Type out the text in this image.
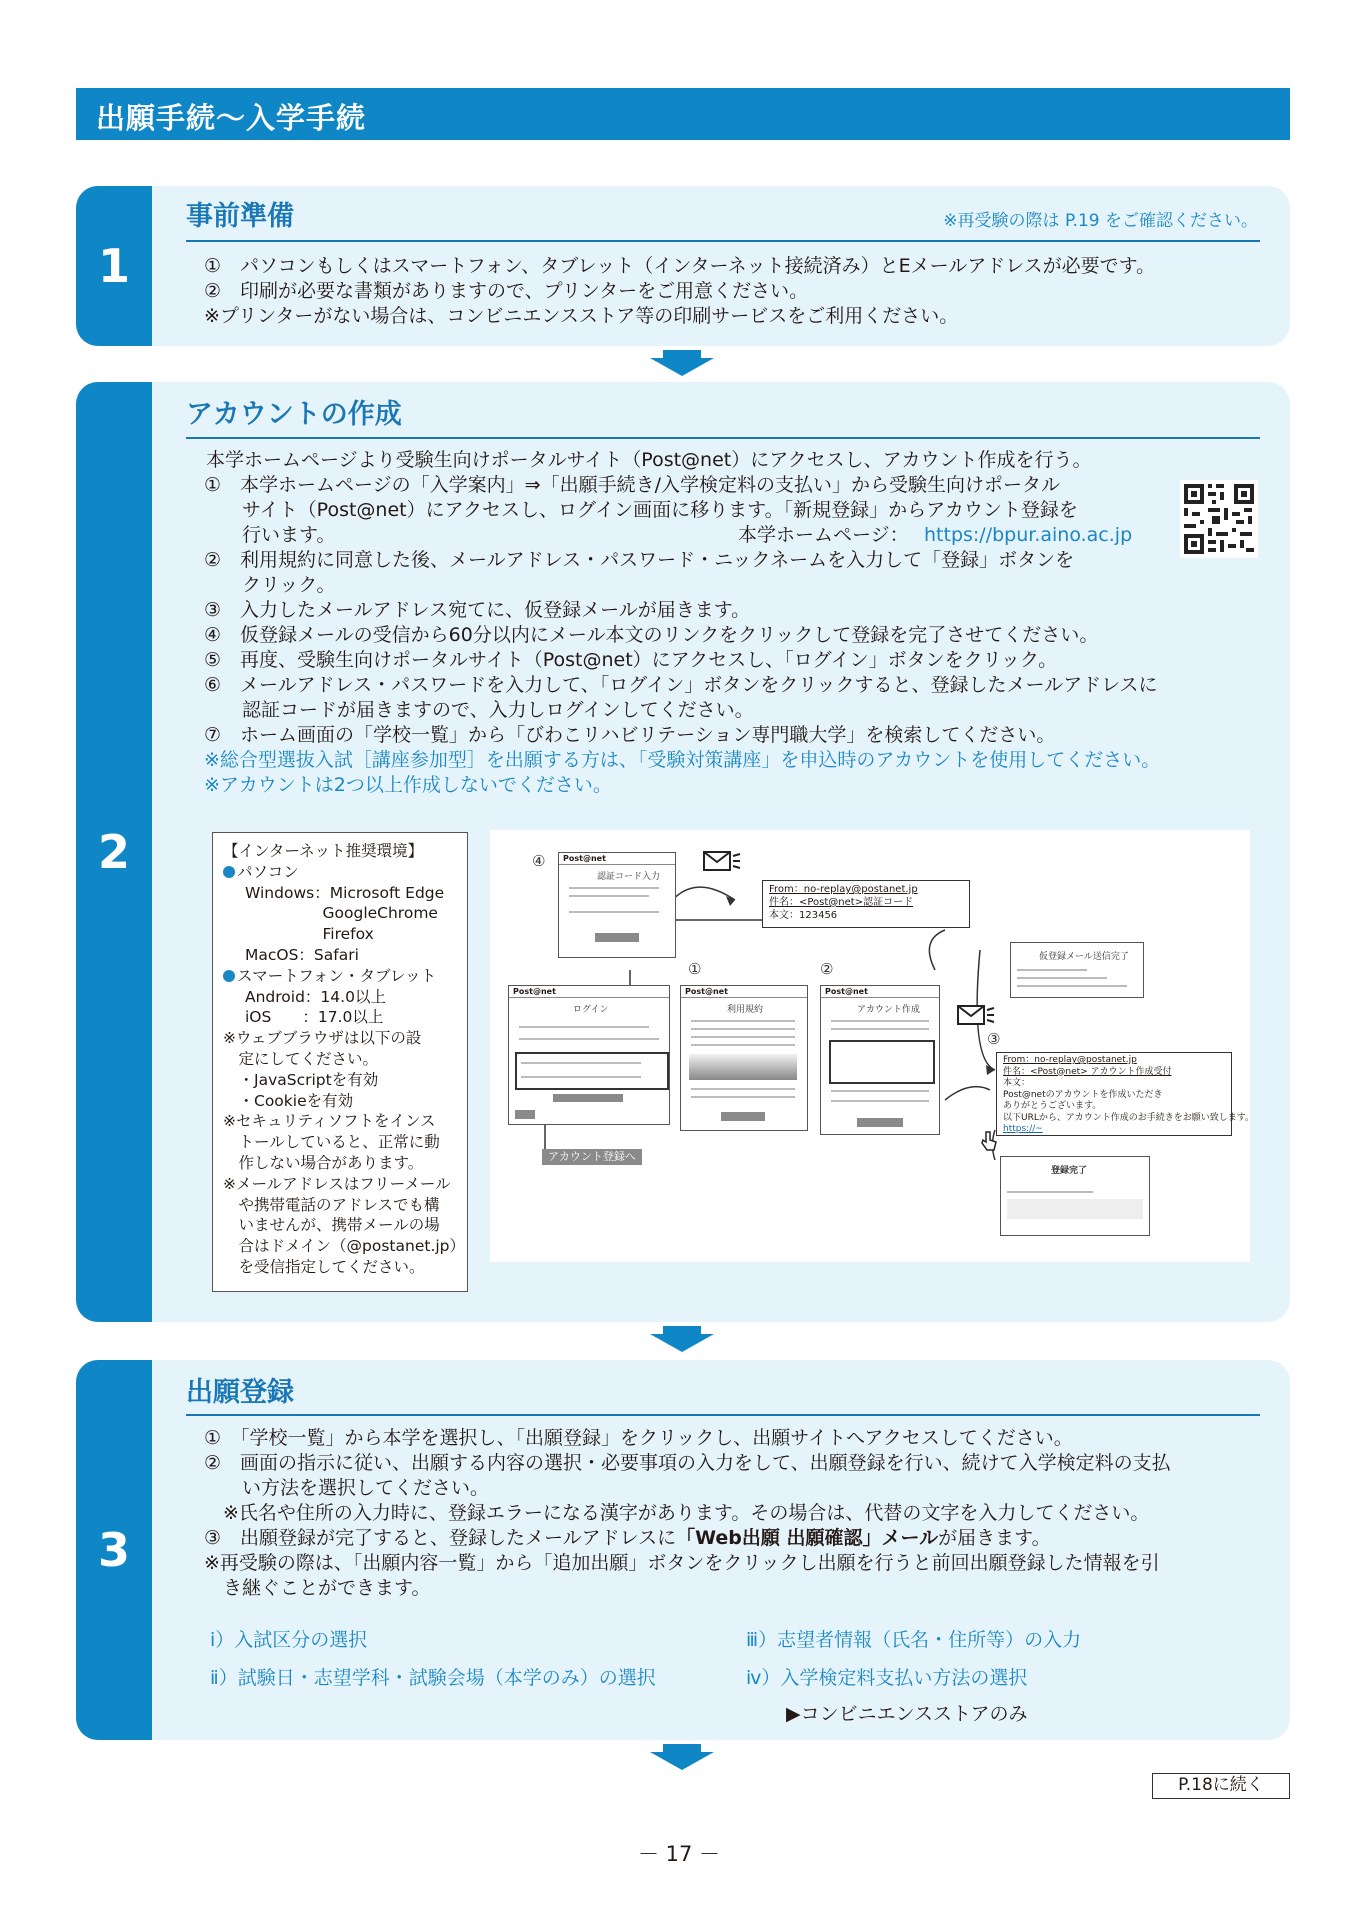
出願手続～入学手続
1
事前準備	※再受験の際は P.19 をご確認ください。
①　パソコンもしくはスマートフォン、タブレット（インターネット接続済み）とEメールアドレスが必要です。
②　印刷が必要な書類がありますので、プリンターをご用意ください。
※プリンターがない場合は、コンビニエンスストア等の印刷サービスをご利用ください。
2
アカウントの作成
本学ホームページより受験生向けポータルサイト（Post@net）にアクセスし、アカウント作成を行う。
①　本学ホームページの「入学案内」⇒「出願手続き/入学検定料の支払い」から受験生向けポータル
　　サイト（Post@net）にアクセスし、ログイン画面に移ります。「新規登録」からアカウント登録を
　　行います。	本学ホームページ： https://bpur.aino.ac.jp
②　利用規約に同意した後、メールアドレス・パスワード・ニックネームを入力して「登録」ボタンを
　　クリック。
③　入力したメールアドレス宛てに、仮登録メールが届きます。
④　仮登録メールの受信から60分以内にメール本文のリンクをクリックして登録を完了させてください。
⑤　再度、受験生向けポータルサイト（Post@net）にアクセスし、「ログイン」ボタンをクリック。
⑥　メールアドレス・パスワードを入力して、「ログイン」ボタンをクリックすると、登録したメールアドレスに
　　認証コードが届きますので、入力しログインしてください。
⑦　ホーム画面の「学校一覧」から「びわこリハビリテーション専門職大学」を検索してください。
※総合型選抜入試［講座参加型］を出願する方は、「受験対策講座」を申込時のアカウントを使用してください。
※アカウントは2つ以上作成しないでください。
【インターネット推奨環境】
パソコン
Windows：Microsoft Edge
　　　　　GoogleChrome
　　　　　Firefox
MacOS：Safari
スマートフォン・タブレット
Android：14.0以上
iOS　　：17.0以上
※ウェブブラウザは以下の設
　定にしてください。
　・JavaScriptを有効
　・Cookieを有効
※セキュリティソフトをインス
　トールしていると、正常に動
　作しない場合があります。
※メールアドレスはフリーメール
　や携帯電話のアドレスでも構
　いませんが、携帯メールの場
　合はドメイン（@postanet.jp）
　を受信指定してください。
④
①	②
③
Post@net
認証コード入力
From：no-replay@postanet.jp
件名：<Post@net>認証コード
本文：123456
Post@net
ログイン
アカウント登録へ
Post@net
利用規約
Post@net
アカウント作成
仮登録メール送信完了
From：no-replay@postanet.jp
件名：<Post@net> アカウント作成受付
本文：
Post@netのアカウントを作成いただき
ありがとうございます。
以下URLから、アカウント作成のお手続きをお願い致します。
https://~
登録完了
3
出願登録
①　「学校一覧」から本学を選択し、「出願登録」をクリックし、出願サイトへアクセスしてください。
②　画面の指示に従い、出願する内容の選択・必要事項の入力をして、出願登録を行い、続けて入学検定料の支払
　　い方法を選択してください。
　※氏名や住所の入力時に、登録エラーになる漢字があります。その場合は、代替の文字を入力してください。
③　出願登録が完了すると、登録したメールアドレスに「Web出願 出願確認」メールが届きます。
※再受験の際は、「出願内容一覧」から「追加出願」ボタンをクリックし出願を行うと前回出願登録した情報を引
　き継ぐことができます。
ⅰ）入試区分の選択
ⅱ）試験日・志望学科・試験会場（本学のみ）の選択
ⅲ）志望者情報（氏名・住所等）の入力
ⅳ）入学検定料支払い方法の選択
▶コンビニエンスストアのみ
P.18に続く
－ 17 －
